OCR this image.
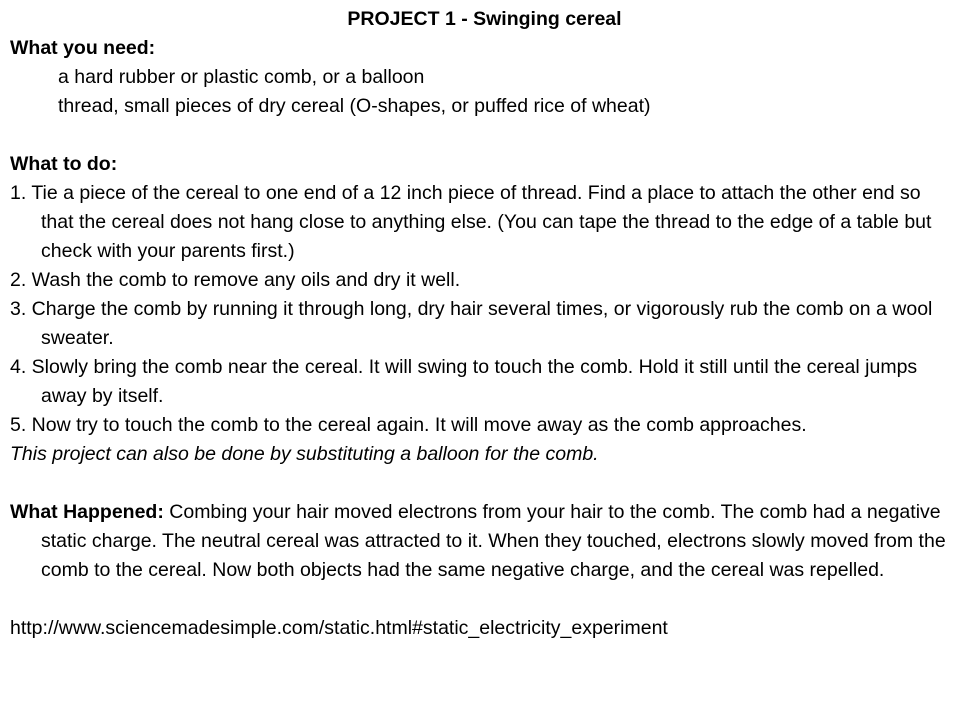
PROJECT 1 - Swinging cereal

What you need:

a hard rubber or plastic comb, or a balloon

thread, small pieces of dry cereal (O-shapes, or puffed rice of wheat)

What to do:

1. Tie a piece of the cereal to one end of a 12 inch piece of thread. Find a place to attach the other end so that the cereal does not hang close to anything else. (You can tape the thread to the edge of a table but check with your parents first.)

2. Wash the comb to remove any oils and dry it well.

3. Charge the comb by running it through long, dry hair several times, or vigorously rub the comb on a wool sweater.

4. Slowly bring the comb near the cereal. It will swing to touch the comb. Hold it still until the cereal jumps away by itself.

5. Now try to touch the comb to the cereal again. It will move away as the comb approaches.

This project can also be done by substituting a balloon for the comb.

What Happened: Combing your hair moved electrons from your hair to the comb. The comb had a negative static charge. The neutral cereal was attracted to it. When they touched, electrons slowly moved from the comb to the cereal. Now both objects had the same negative charge, and the cereal was repelled.

http://www.sciencemadesimple.com/static.html#static_electricity_experiment
